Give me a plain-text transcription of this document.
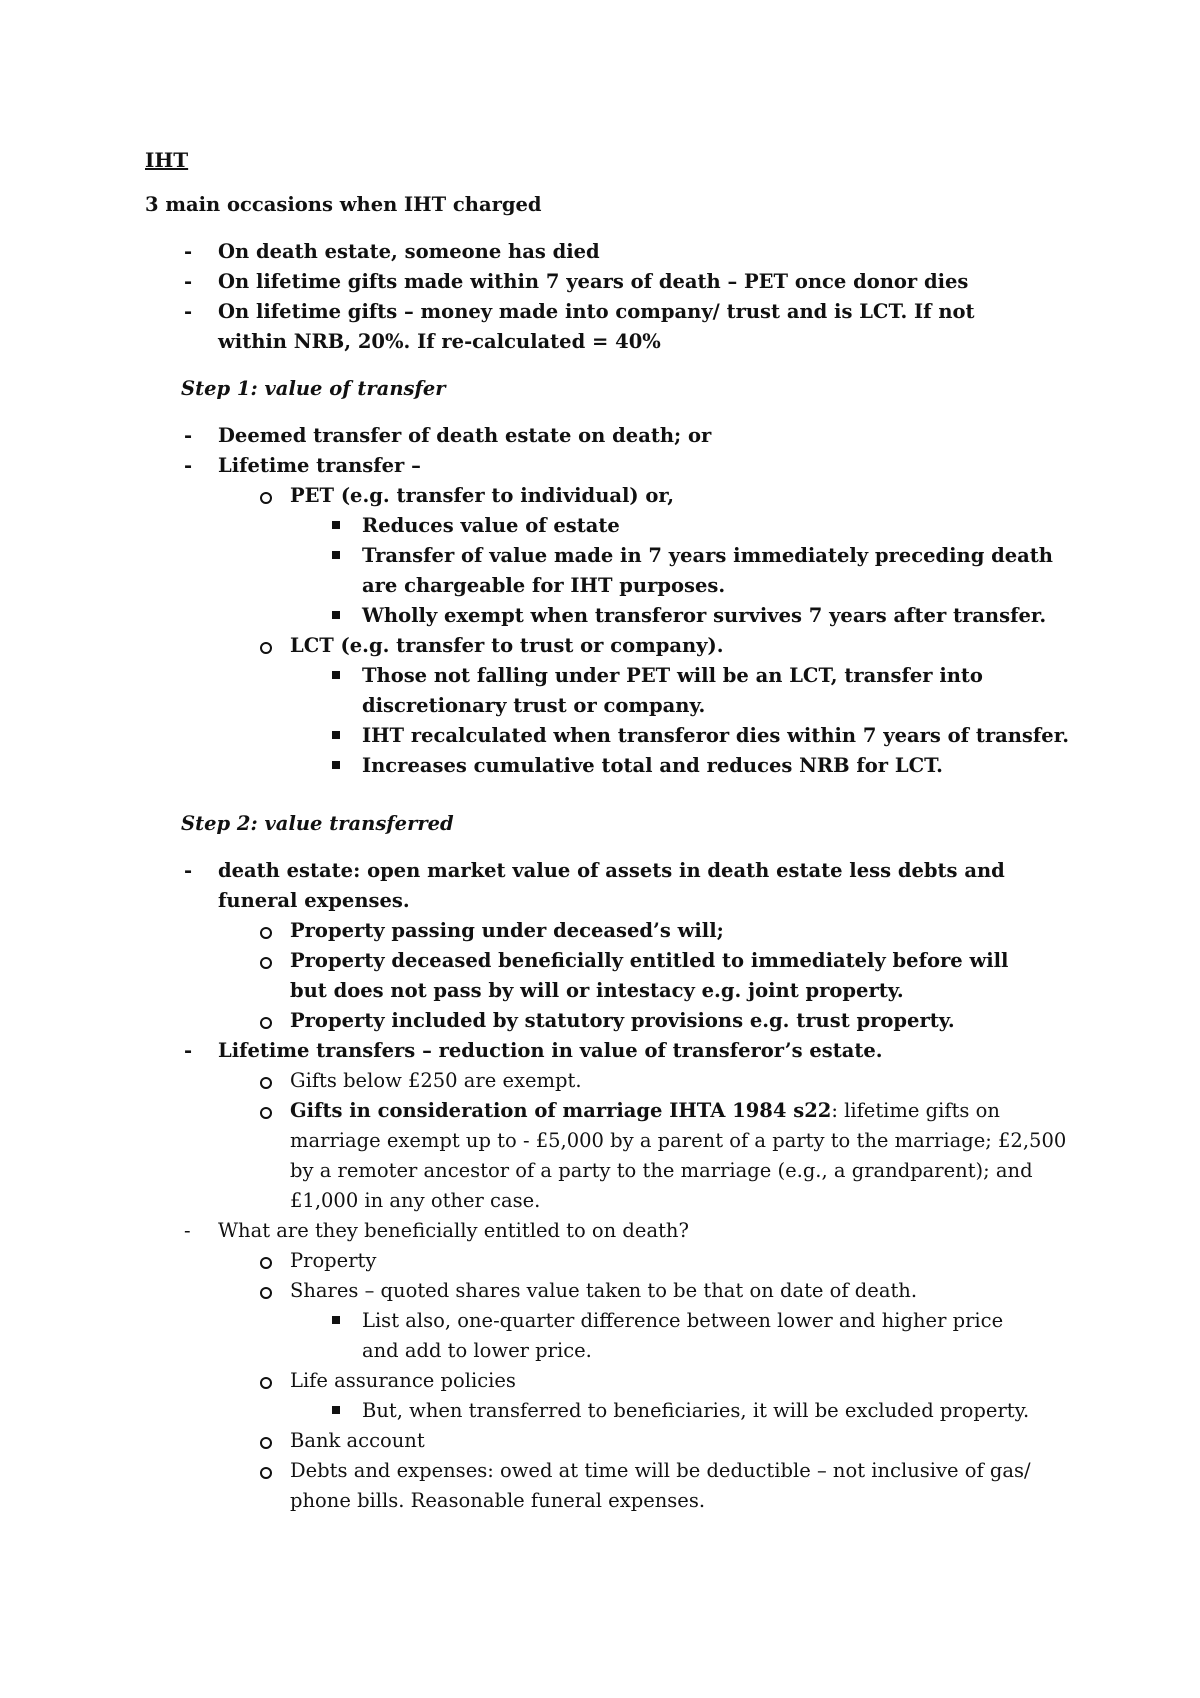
IHT
3 main occasions when IHT charged
-	On death estate, someone has died
-	On lifetime gifts made within 7 years of death – PET once donor dies
-	On lifetime gifts – money made into company/ trust and is LCT. If not within NRB, 20%. If re-calculated = 40%
Step 1: value of transfer
-	Deemed transfer of death estate on death; or
-	Lifetime transfer –
PET (e.g. transfer to individual) or,
Reduces value of estate
Transfer of value made in 7 years immediately preceding death are chargeable for IHT purposes.
Wholly exempt when transferor survives 7 years after transfer.
LCT (e.g. transfer to trust or company).
Those not falling under PET will be an LCT, transfer into discretionary trust or company.
IHT recalculated when transferor dies within 7 years of transfer.
Increases cumulative total and reduces NRB for LCT.
Step 2: value transferred
-	death estate: open market value of assets in death estate less debts and funeral expenses.
Property passing under deceased’s will;
Property deceased beneficially entitled to immediately before will but does not pass by will or intestacy e.g. joint property.
Property included by statutory provisions e.g. trust property.
-	Lifetime transfers – reduction in value of transferor’s estate.
Gifts below £250 are exempt.
Gifts in consideration of marriage IHTA 1984 s22: lifetime gifts on marriage exempt up to - £5,000 by a parent of a party to the marriage; £2,500 by a remoter ancestor of a party to the marriage (e.g., a grandparent); and £1,000 in any other case.
-	What are they beneficially entitled to on death?
Property
Shares – quoted shares value taken to be that on date of death.
List also, one-quarter difference between lower and higher price and add to lower price.
Life assurance policies
But, when transferred to beneficiaries, it will be excluded property.
Bank account
Debts and expenses: owed at time will be deductible – not inclusive of gas/ phone bills. Reasonable funeral expenses.
